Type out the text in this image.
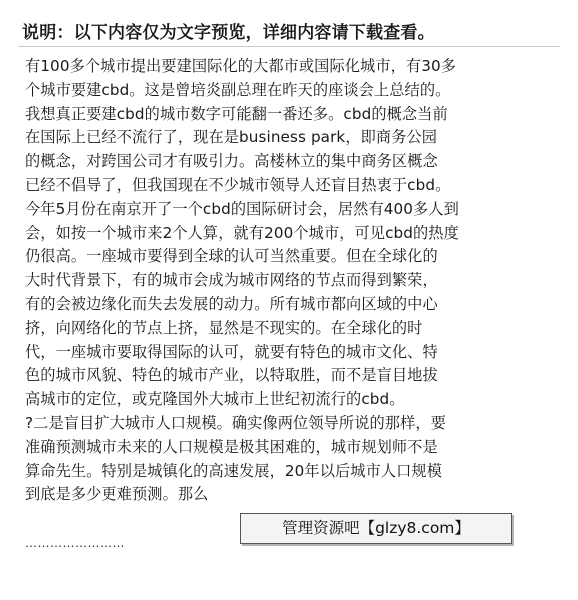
说明：以下内容仅为文字预览，详细内容请下载查看。
有100多个城市提出要建国际化的大都市或国际化城市，有30多
个城市要建cbd。这是曾培炎副总理在昨天的座谈会上总结的。
我想真正要建cbd的城市数字可能翻一番还多。cbd的概念当前
在国际上已经不流行了，现在是business park，即商务公园
的概念，对跨国公司才有吸引力。高楼林立的集中商务区概念
已经不倡导了，但我国现在不少城市领导人还盲目热衷于cbd。
今年5月份在南京开了一个cbd的国际研讨会，居然有400多人到
会，如按一个城市来2个人算，就有200个城市，可见cbd的热度
仍很高。一座城市要得到全球的认可当然重要。但在全球化的
大时代背景下，有的城市会成为城市网络的节点而得到繁荣，
有的会被边缘化而失去发展的动力。所有城市都向区域的中心
挤，向网络化的节点上挤，显然是不现实的。在全球化的时
代，一座城市要取得国际的认可，就要有特色的城市文化、特
色的城市风貌、特色的城市产业，以特取胜，而不是盲目地拔
高城市的定位，或克隆国外大城市上世纪初流行的cbd。
?二是盲目扩大城市人口规模。确实像两位领导所说的那样，要
准确预测城市未来的人口规模是极其困难的，城市规划师不是
算命先生。特别是城镇化的高速发展，20年以后城市人口规模
到底是多少更难预测。那么
……………………
管理资源吧【glzy8.com】
